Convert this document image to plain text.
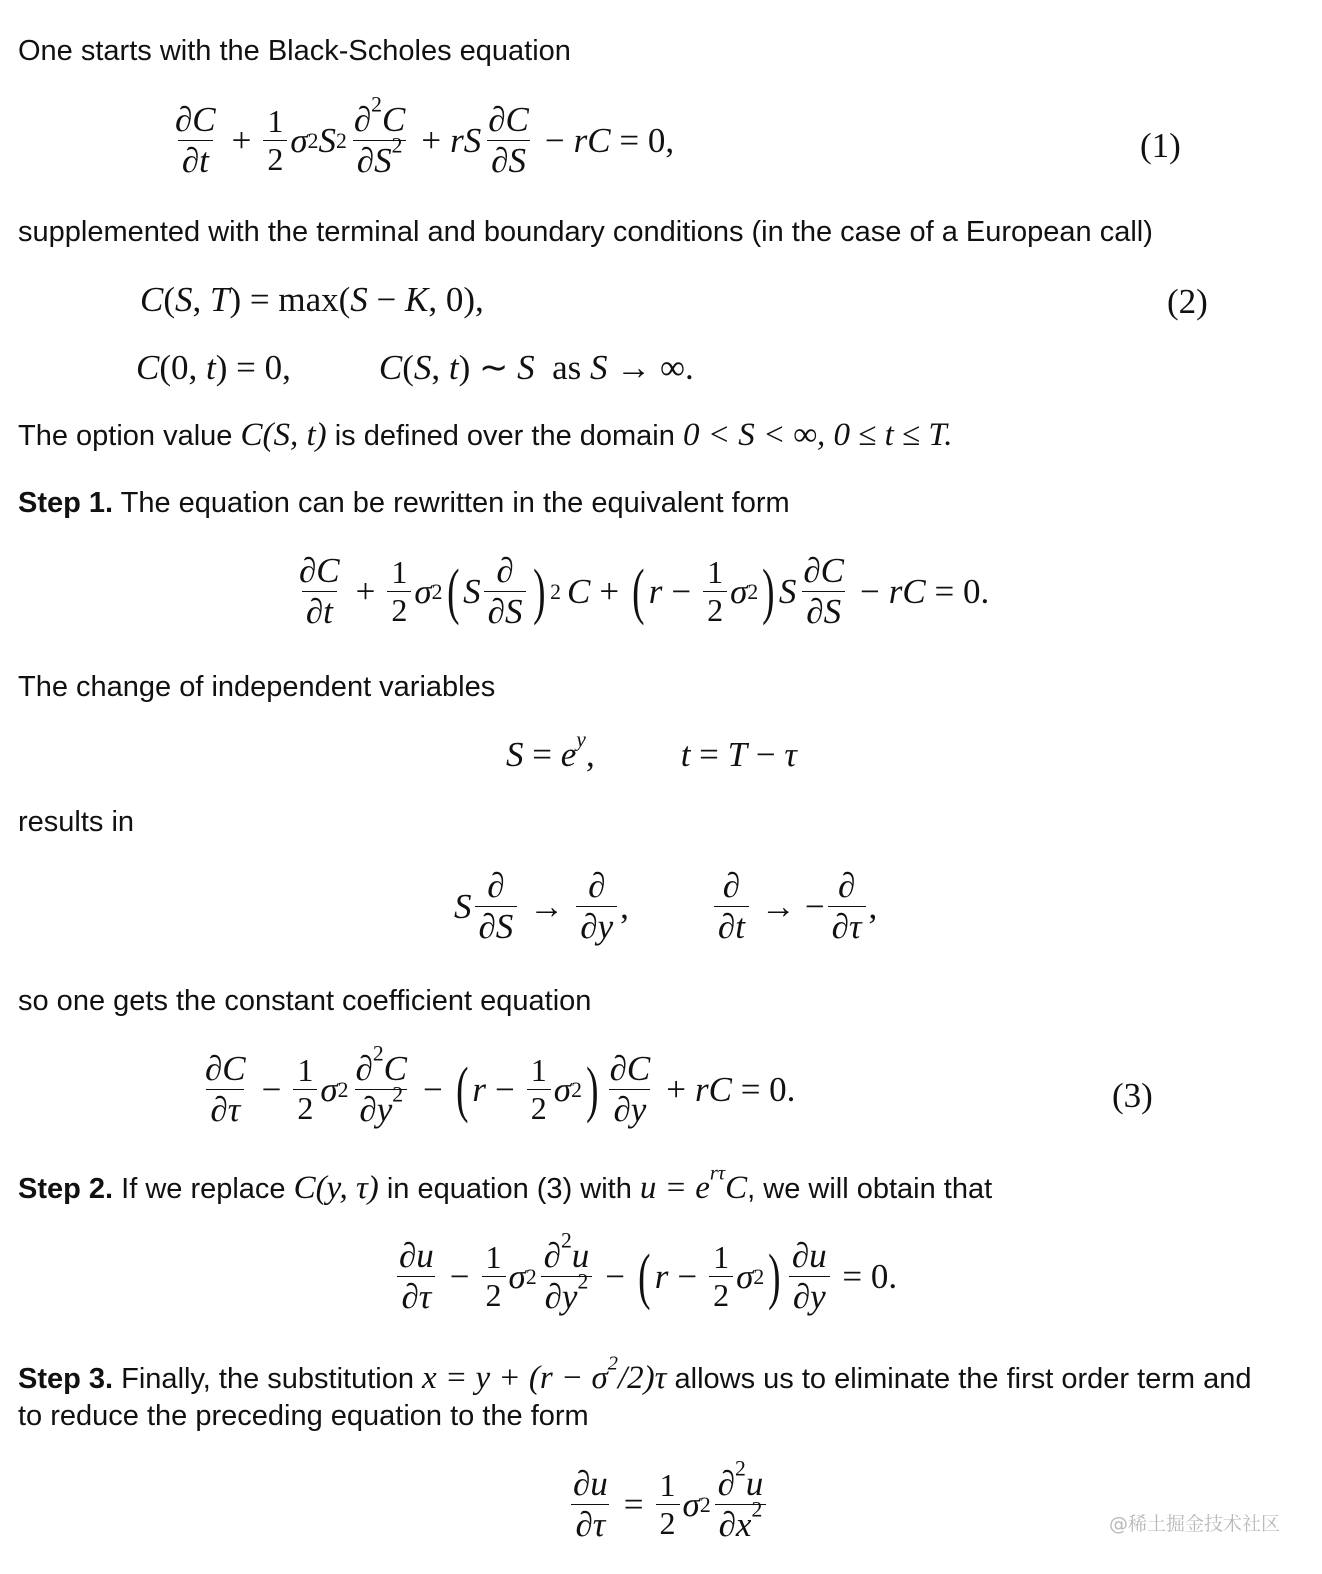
One starts with the Black-Scholes equation
supplemented with the terminal and boundary conditions (in the case of a European call)
The option value C(S, t) is defined over the domain 0 < S < ∞, 0 ≤ t ≤ T.
Step 1. The equation can be rewritten in the equivalent form
The change of independent variables
results in
so one gets the constant coefficient equation
Step 2. If we replace C(y, τ) in equation (3) with $u = e^{r\tau}C$, we will obtain that
Step 3. Finally, the substitution $x = y + (r - \sigma^2/2)\tau$ allows us to eliminate the first order term and
to reduce the preceding equation to the form
∂C
∂t
+ $\frac{1}{2}$ σ 2 S 2
∂$^2$C
$\partial S^2$ + rS
∂C
∂S
− rC = 0,	(1)
C(S, T) = max(S − K, 0),	(2)
C(0, t) = 0,	C(S, t) ∼ S  as S → ∞.
∂C
∂t
+ $\frac{1}{2}$ σ 2 ( S
∂
∂S ) 2 C + ( $r - \frac{1}{2}$ σ 2 ) S
∂C
∂S
− rC = 0.
$S = e^y$, t = T − τ
S
∂
∂S
→
∂
∂y
,
∂
∂t
→ −
∂
∂τ
,
∂C
∂τ
− $\frac{1}{2}$ σ 2
∂$^2$C
$\partial y^2$ − ( $r - \frac{1}{2}$ σ 2 ) ∂C
∂y
+ rC = 0.	(3)
∂u
∂τ
− $\frac{1}{2}$ σ 2
∂$^2$u
$\partial y^2$ − ( $r - \frac{1}{2}$ σ 2 ) ∂u
∂y
= 0.
$\frac{\partial u}{\partial\tau} = \frac{1}{2}$ σ 2
∂$^2$u
$\partial x^2$
@稀土掘金技术社区
